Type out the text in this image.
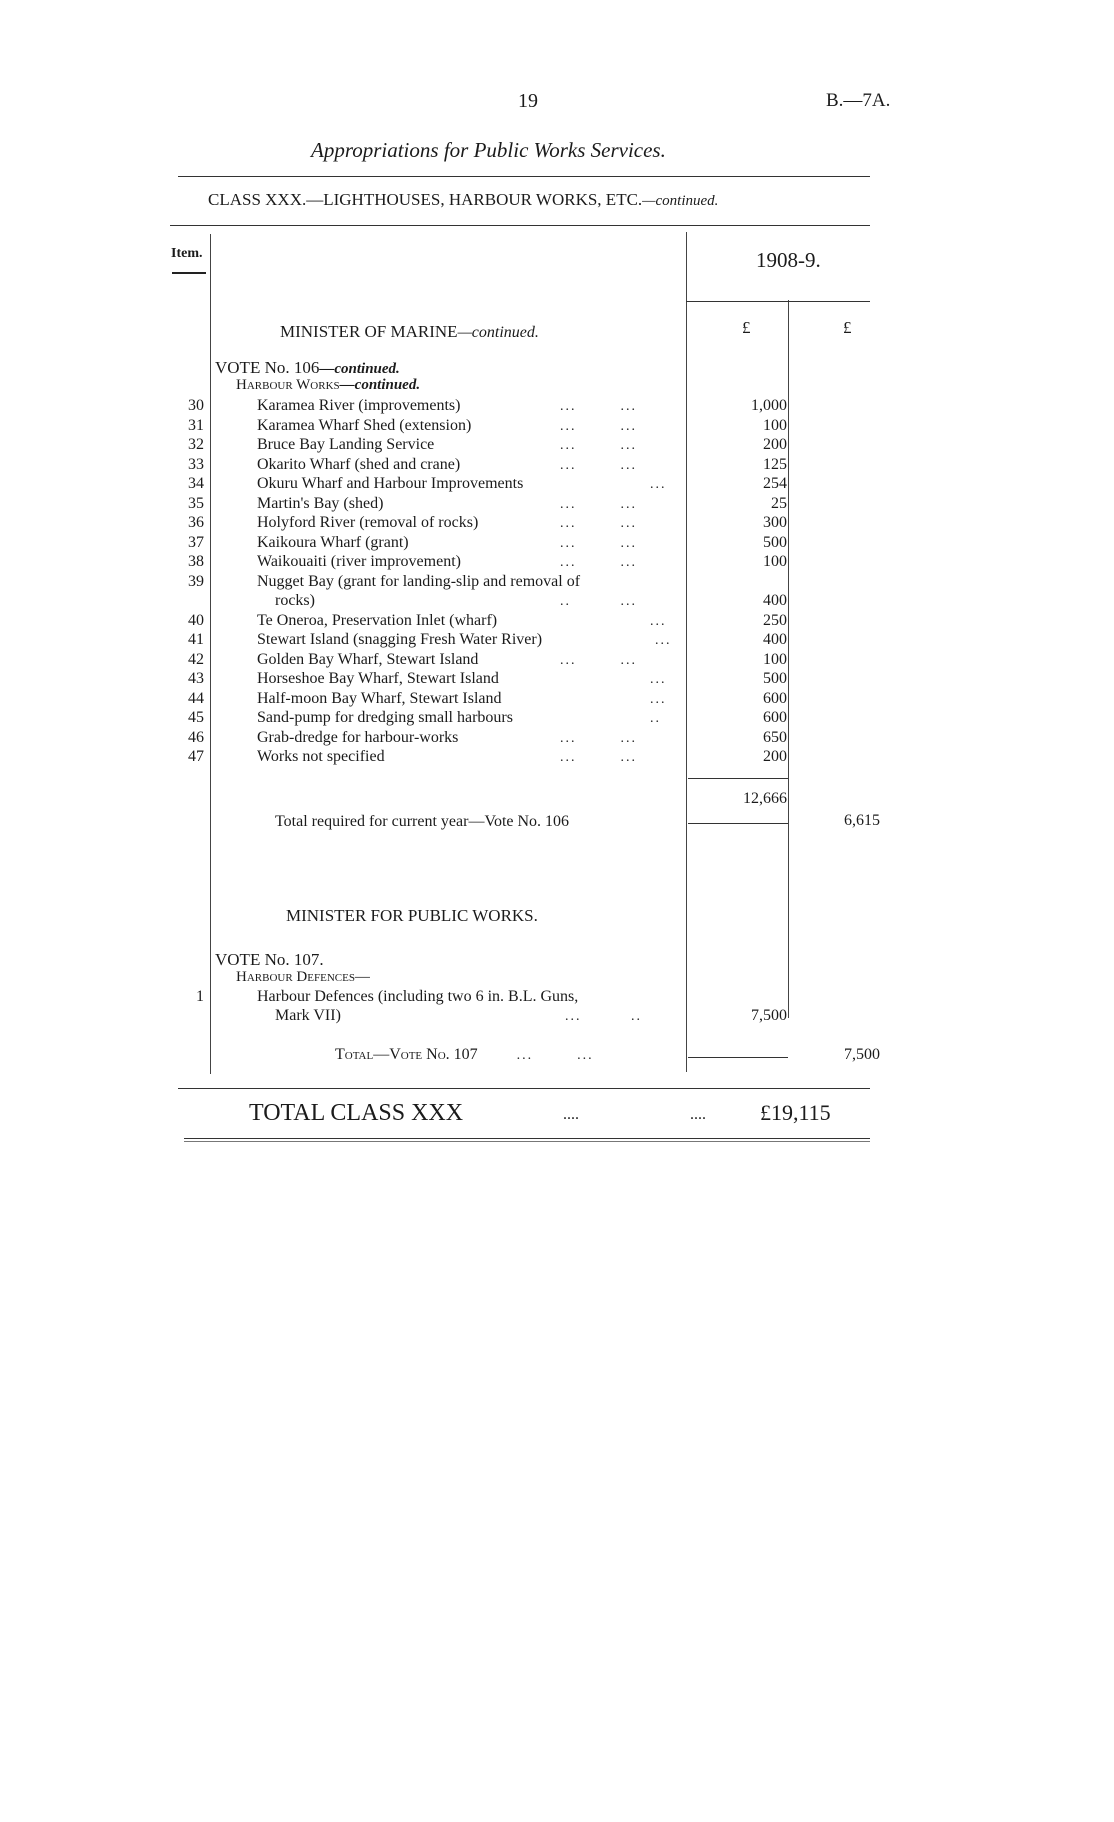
19	B.—7A.
Appropriations for Public Works Services.
CLASS XXX.—LIGHTHOUSES, HARBOUR WORKS, ETC.—continued.
Item.	1908-9.
£	£
MINISTER OF MARINE—continued.
VOTE No. 106—continued.
Harbour Works—continued.
30	Karamea River (improvements)	...        ...	1,000
31	Karamea Wharf Shed (extension)	...        ...	100
32	Bruce Bay Landing Service	...        ...	200
33	Okarito Wharf (shed and crane)	...        ...	125
34	Okuru Wharf and Harbour Improvements	...	254
35	Martin's Bay (shed)	...        ...	25
36	Holyford River (removal of rocks)	...        ...	300
37	Kaikoura Wharf (grant)	...        ...	500
38	Waikouaiti (river improvement)	...        ...	100
39	Nugget Bay (grant for landing-slip and removal of
rocks)	..         ...	400
40	Te Oneroa, Preservation Inlet (wharf)	...	250
41	Stewart Island (snagging Fresh Water River)	...	400
42	Golden Bay Wharf, Stewart Island	...        ...	100
43	Horseshoe Bay Wharf, Stewart Island	...	500
44	Half-moon Bay Wharf, Stewart Island	...	600
45	Sand-pump for dredging small harbours	..	600
46	Grab-dredge for harbour-works	...        ...	650
47	Works not specified	...        ...	200
12,666
Total required for current year—Vote No. 106	6,615
MINISTER FOR PUBLIC WORKS.
VOTE No. 107.
Harbour Defences—
1	Harbour Defences (including two 6 in. B.L. Guns,
Mark VII)	...         ..	7,500
Total—Vote No. 107	...        ...	7,500
TOTAL CLASS XXX	....	.... £19,115
